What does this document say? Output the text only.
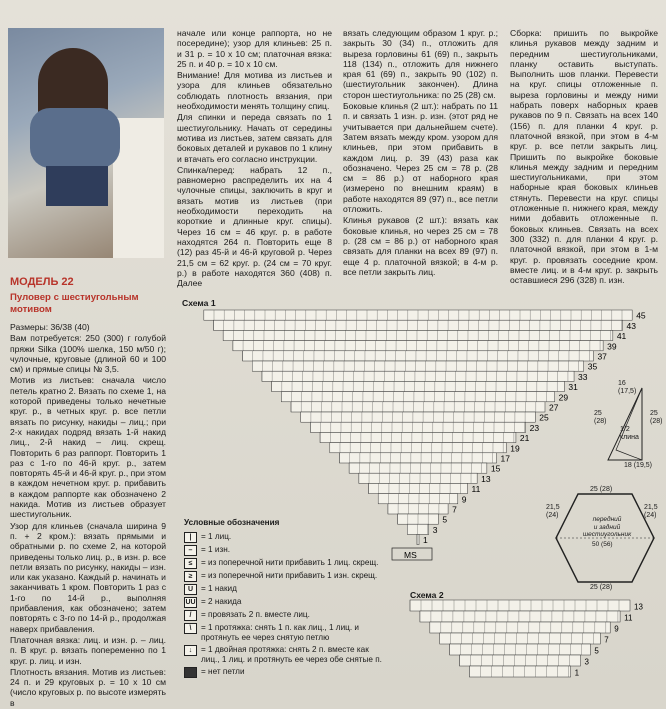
МОДЕЛЬ 22
Пуловер с шестиугольным мотивом

Размеры: 36/38 (40)

Вам потребуется: 250 (300) г голубой пряжи Silka (100% шелка, 150 м/50 г); чулочные, круговые (длиной 60 и 100 см) и прямые спицы № 3,5.

Мотив из листьев: сначала число петель кратно 2. Вязать по схеме 1, на которой приведены только нечетные круг. р., в четных круг. р. все петли вязать по рисунку, накиды – лиц.; при 2-х накидах подряд вязать 1-й накид лиц., 2-й накид – лиц. скрещ. Повторить 6 раз раппорт. Повторить 1 раз с 1-го по 46-й круг. р., затем повторять 45-й и 46-й круг. р., при этом в каждом нечетном круг. р. прибавить в каждом раппорте как обозначено 2 накида. Мотив из листьев образует шестиугольник.

Узор для клиньев (сначала ширина 9 п. + 2 кром.): вязать прямыми и обратными р. по схеме 2, на которой приведены только лиц. р., в изн. р. все петли вязать по рисунку, накиды – изн. или как указано. Каждый р. начинать и заканчивать 1 кром. Повторить 1 раз с 1-го по 14-й р., выполняя прибавления, как обозначено; затем повторять с 3-го по 14-й р., продолжая наверх прибавления.

Платочная вязка: лиц. и изн. р. – лиц. п. В круг. р. вязать попеременно по 1 круг. р. лиц. и изн.

Плотность вязания. Мотив из листьев: 24 п. и 29 круговых р. = 10 x 10 см (число круговых р. по высоте измерять в

начале или конце раппорта, но не посередине); узор для клиньев: 25 п. и 31 р. = 10 x 10 см; платочная вязка: 25 п. и 40 р. = 10 x 10 см.

Внимание! Для мотива из листьев и узора для клиньев обязательно соблюдать плотность вязания, при необходимости менять толщину спиц.

Для спинки и переда связать по 1 шестиугольнику. Начать от середины мотива из листьев, затем связать для боковых деталей и рукавов по 1 клину и втачать его согласно инструкции.

Спинка/перед: набрать 12 п., равномерно распределить их на 4 чулочные спицы, заключить в круг и вязать мотив из листьев (при необходимости переходить на короткие и длинные круг. спицы). Через 16 см = 46 круг. р. в работе находятся 264 п. Повторить еще 8 (12) раз 45-й и 46-й круговой р. Через 21,5 см = 62 круг. р. (24 см = 70 круг. р.) в работе находятся 360 (408) п. Далее

вязать следующим образом 1 круг. р.; закрыть 30 (34) п., отложить для выреза горловины 61 (69) п., закрыть 118 (134) п., отложить для нижнего края 61 (69) п., закрыть 90 (102) п. (шестиугольник закончен). Длина сторон шестиугольника: по 25 (28) см.

Боковые клинья (2 шт.): набрать по 11 п. и связать 1 изн. р. изн. (этот ряд не учитывается при дальнейшем счете). Затем вязать между кром. узором для клиньев, при этом прибавить в каждом лиц. р. 39 (43) раза как обозначено. Через 25 см = 78 р. (28 см = 86 р.) от наборного края (измерено по внешним краям) в работе находятся 89 (97) п., все петли отложить.

Клинья рукавов (2 шт.): вязать как боковые клинья, но через 25 см = 78 р. (28 см = 86 р.) от наборного края связать для планки на всех 89 (97) п. еще 4 р. платочной вязкой; в 4-м р. все петли закрыть лиц.

Сборка: пришить по выкройке клинья рукавов между задним и передним шестиугольниками, планку оставить выступать. Выполнить шов планки. Перевести на круг. спицы отложенные п. выреза горловины и между ними набрать поверх наборных краев рукавов по 9 п. Связать на всех 140 (156) п. для планки 4 круг. р. платочной вязкой, при этом в 4-м круг. р. все петли закрыть лиц. Пришить по выкройке боковые клинья между задним и передним шестиугольниками, при этом наборные края боковых клиньев стянуть. Перевести на круг. спицы отложенные п. нижнего края, между ними добавить отложенные п. боковых клиньев. Связать на всех 300 (332) п. для планки 4 круг. р. платочной вязкой, при этом в 1-м круг. р. провязать соседние кром. вместе лиц. и в 4-м круг. р. закрыть оставшиеся 296 (328) п. изн.

Схема 1
45
43
41
39
37
35
33
31
29
27
25
23
21
19
17
15
13
11
9
7
5
3
1
MS
16
(17,5)
1/2
клина
25
(28)
25
(28)
18 (19,5)
25 (28)
21,5
(24)
21,5
(24)
передний
и задний
шестиугольник
50 (56)
25 (28)
Условные обозначения
|	= 1 лиц.
–	= 1 изн.
≤	= из поперечной нити прибавить 1 лиц. скрещ.
≥	= из поперечной нити прибавить 1 изн. скрещ.
U = 1 накид
UU = 2 накида
/	= провязать 2 п. вместе лиц.
\	= 1 протяжка: снять 1 п. как лиц., 1 лиц. и протянуть ее через снятую петлю
↓	= 1 двойная протяжка: снять 2 п. вместе как лиц., 1 лиц. и протянуть ее через обе снятые п.
= нет петли
Схема 2
13
11
9
7
5
3
1
